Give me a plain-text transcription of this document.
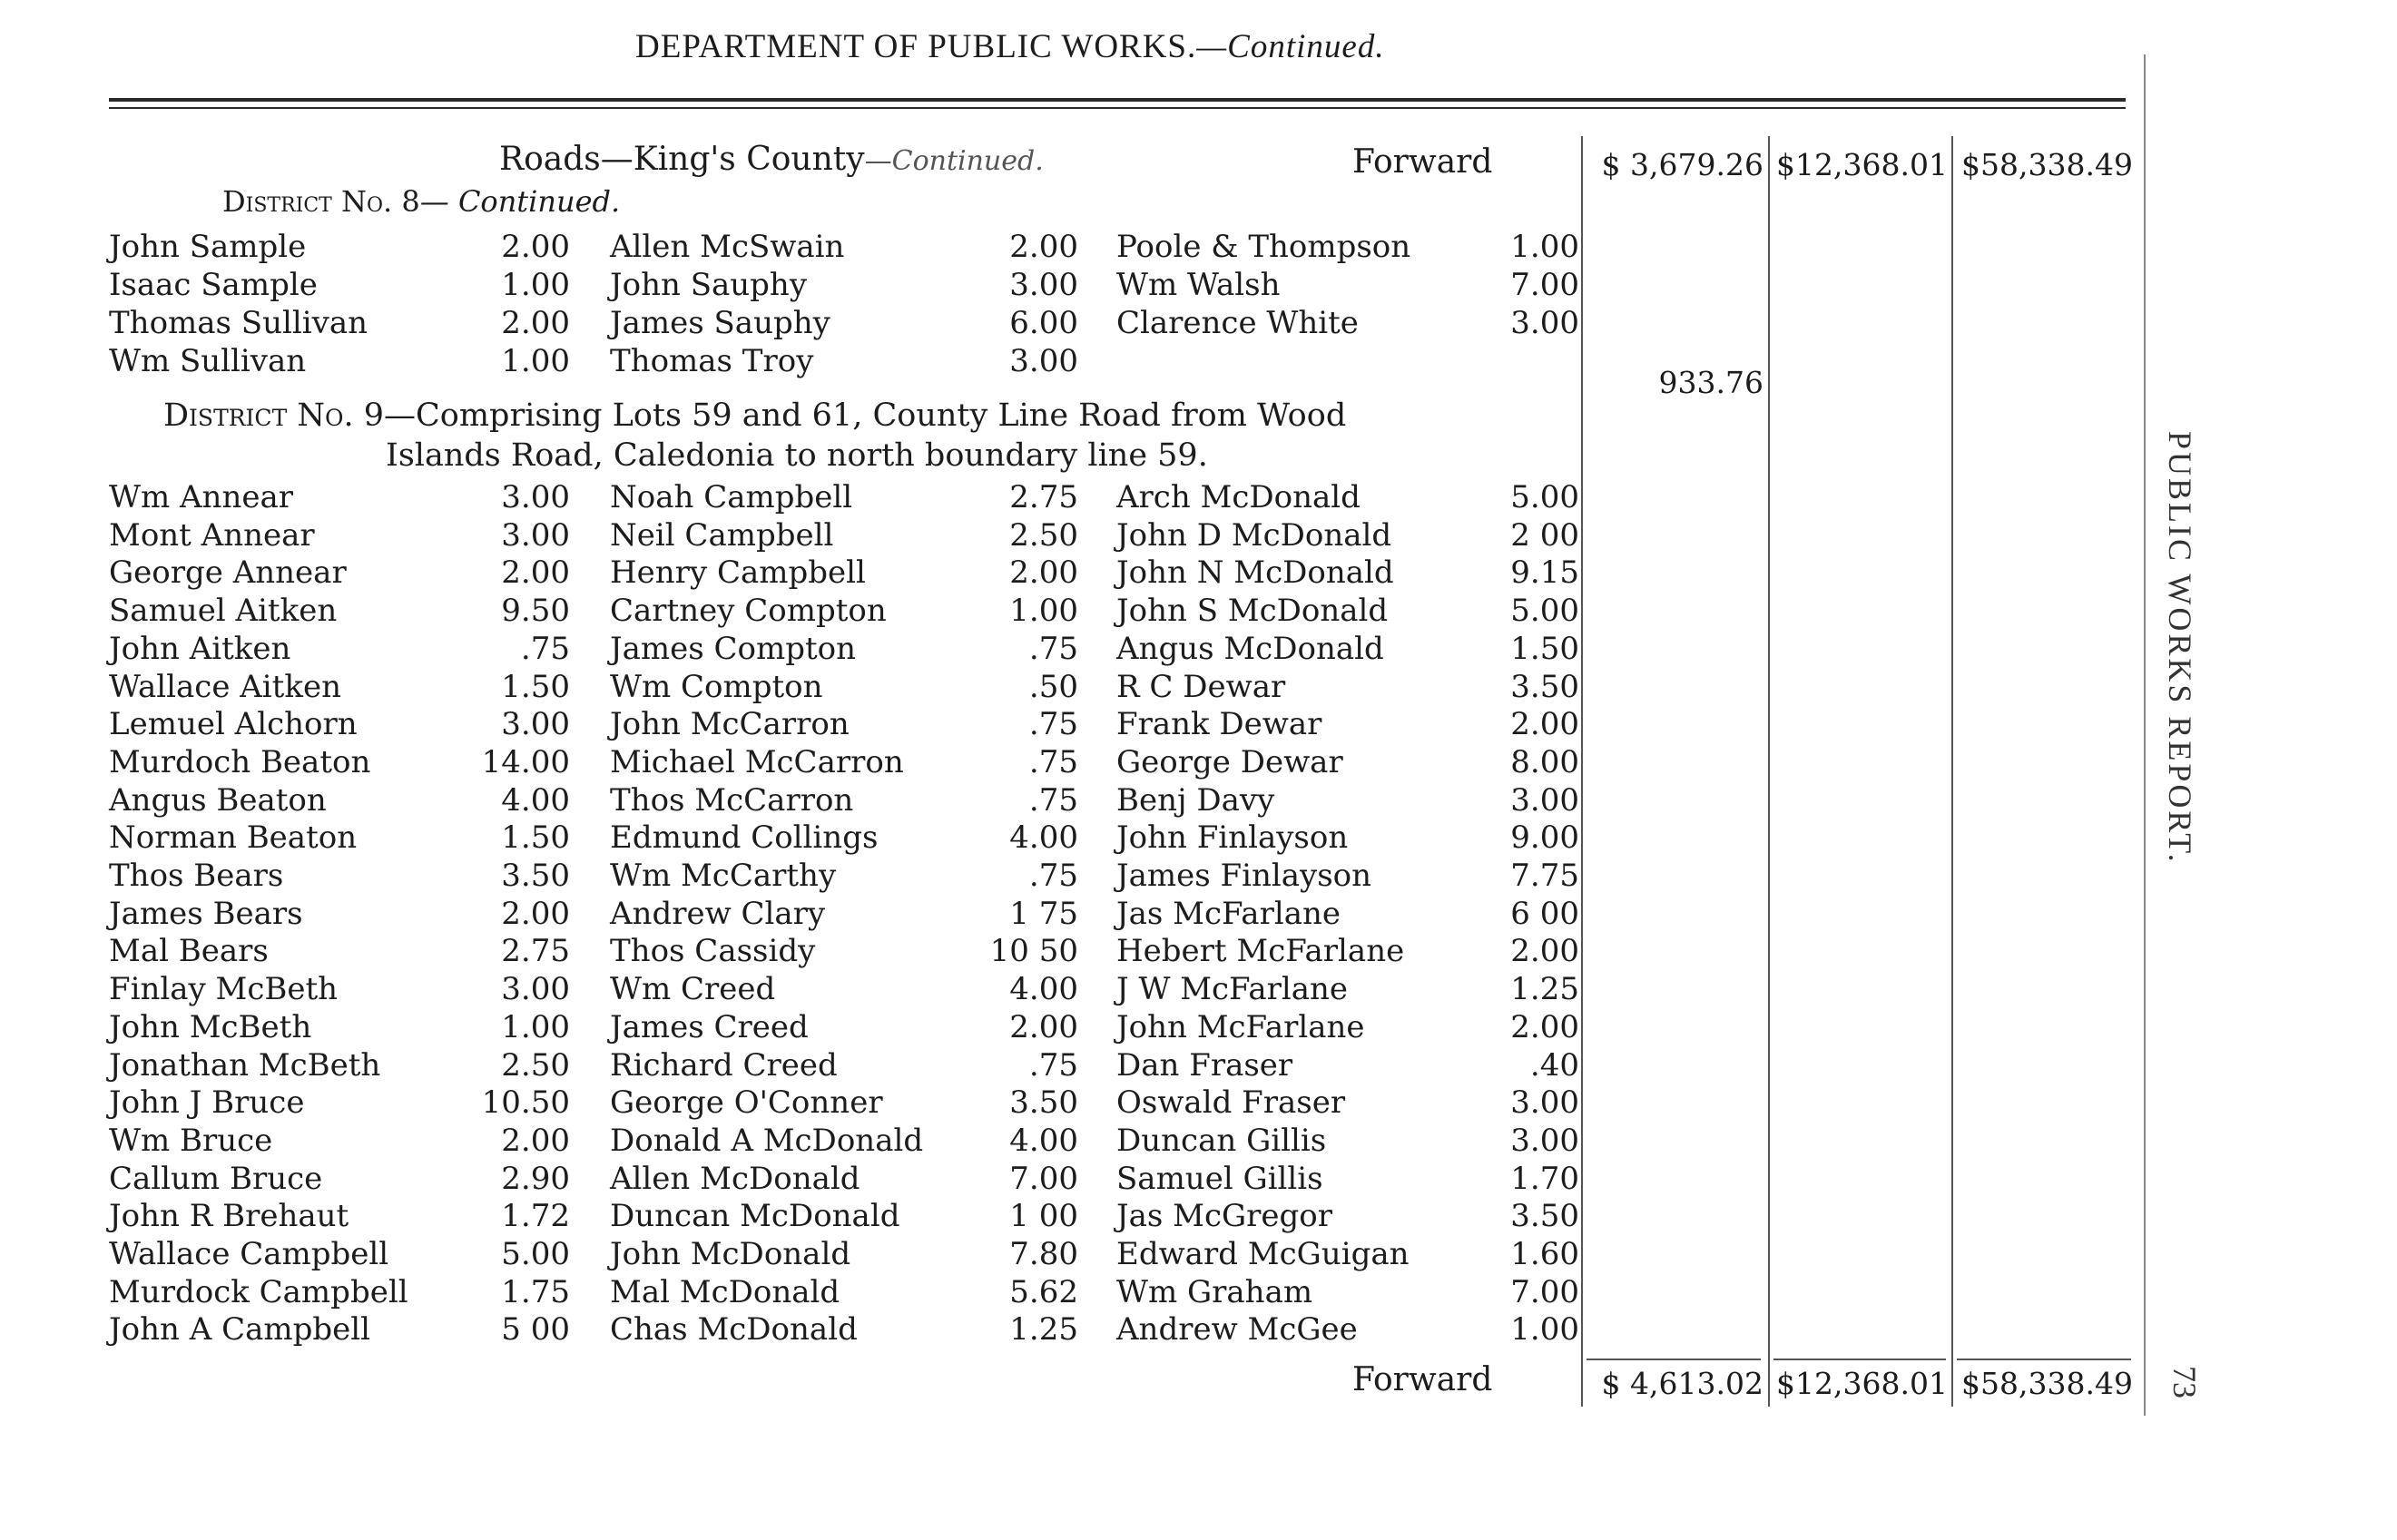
DEPARTMENT OF PUBLIC WORKS.—Continued.
Roads—King's County—Continued.	Forward	$ 3,679.26 $12,368.01 $58,338.49
District No. 8— Continued.
John Sample	2.00 Allen McSwain	2.00 Poole & Thompson	1.00
Isaac Sample	1.00 John Sauphy	3.00 Wm Walsh	7.00
Thomas Sullivan	2.00 James Sauphy	6.00 Clarence White	3.00
Wm Sullivan	1.00 Thomas Troy	3.00
933.76
District No. 9—Comprising Lots 59 and 61, County Line Road from Wood
Islands Road, Caledonia to north boundary line 59.
Wm Annear	3.00 Noah Campbell	2.75 Arch McDonald	5.00
Mont Annear	3.00 Neil Campbell	2.50 John D McDonald	2 00
George Annear	2.00 Henry Campbell	2.00 John N McDonald	9.15
Samuel Aitken	9.50 Cartney Compton	1.00 John S McDonald	5.00
John Aitken	.75 James Compton	.75 Angus McDonald	1.50
Wallace Aitken	1.50 Wm Compton	.50 R C Dewar	3.50
Lemuel Alchorn	3.00 John McCarron	.75 Frank Dewar	2.00
Murdoch Beaton	14.00 Michael McCarron	.75 George Dewar	8.00
Angus Beaton	4.00 Thos McCarron	.75 Benj Davy	3.00
Norman Beaton	1.50 Edmund Collings	4.00 John Finlayson	9.00
Thos Bears	3.50 Wm McCarthy	.75 James Finlayson	7.75
James Bears	2.00 Andrew Clary	1 75 Jas McFarlane	6 00
Mal Bears	2.75 Thos Cassidy	10 50 Hebert McFarlane	2.00
Finlay McBeth	3.00 Wm Creed	4.00 J W McFarlane	1.25
John McBeth	1.00 James Creed	2.00 John McFarlane	2.00
Jonathan McBeth	2.50 Richard Creed	.75 Dan Fraser	.40
John J Bruce	10.50 George O'Conner	3.50 Oswald Fraser	3.00
Wm Bruce	2.00 Donald A McDonald	4.00 Duncan Gillis	3.00
Callum Bruce	2.90 Allen McDonald	7.00 Samuel Gillis	1.70
John R Brehaut	1.72 Duncan McDonald	1 00 Jas McGregor	3.50
Wallace Campbell	5.00 John McDonald	7.80 Edward McGuigan	1.60
Murdock Campbell	1.75 Mal McDonald	5.62 Wm Graham	7.00
John A Campbell	5 00 Chas McDonald	1.25 Andrew McGee	1.00
Forward	$ 4,613.02 $12,368.01 $58,338.49
PUBLIC WORKS REPORT.
73
